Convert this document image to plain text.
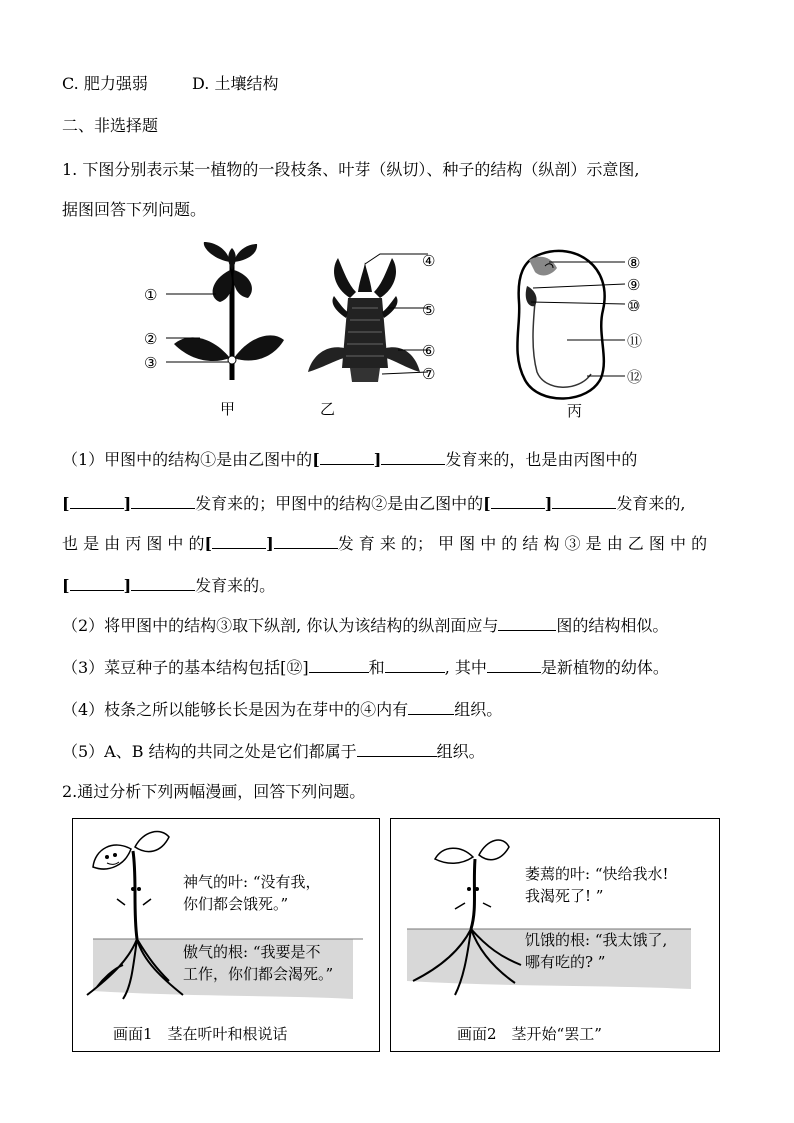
C. 肥力强弱	D. 土壤结构
二、非选择题
1. 下图分别表示某一植物的一段枝条、叶芽（纵切）、种子的结构（纵剖）示意图,
据图回答下列问题。
①
②
③
甲
④
⑤
⑥
⑦
乙
⑧
⑨
⑩
⑪
⑫
丙
（1）甲图中的结构①是由乙图中的[	]	发育来的，也是由丙图中的
[	]	发育来的；甲图中的结构②是由乙图中的[	]	发育来的,
也 是 由 丙 图 中 的[	]	发 育 来 的； 甲 图 中 的 结 构 ③ 是 由 乙 图 中 的
[	]	发育来的。
（2）将甲图中的结构③取下纵剖, 你认为该结构的纵剖面应与	图的结构相似。
（3）菜豆种子的基本结构包括[⑫]	和	, 其中	是新植物的幼体。
（4）枝条之所以能够长长是因为在芽中的④内有	组织。
（5）A、B 结构的共同之处是它们都属于	组织。
2.通过分析下列两幅漫画，回答下列问题。
神气的叶: “没有我，
你们都会饿死。”
傲气的根: “我要是不
工作，你们都会渴死。”
画面1　茎在听叶和根说话
萎蔫的叶: “快给我水!
我渴死了! ”
饥饿的根: “我太饿了,
哪有吃的? ”
画面2　茎开始“罢工”
